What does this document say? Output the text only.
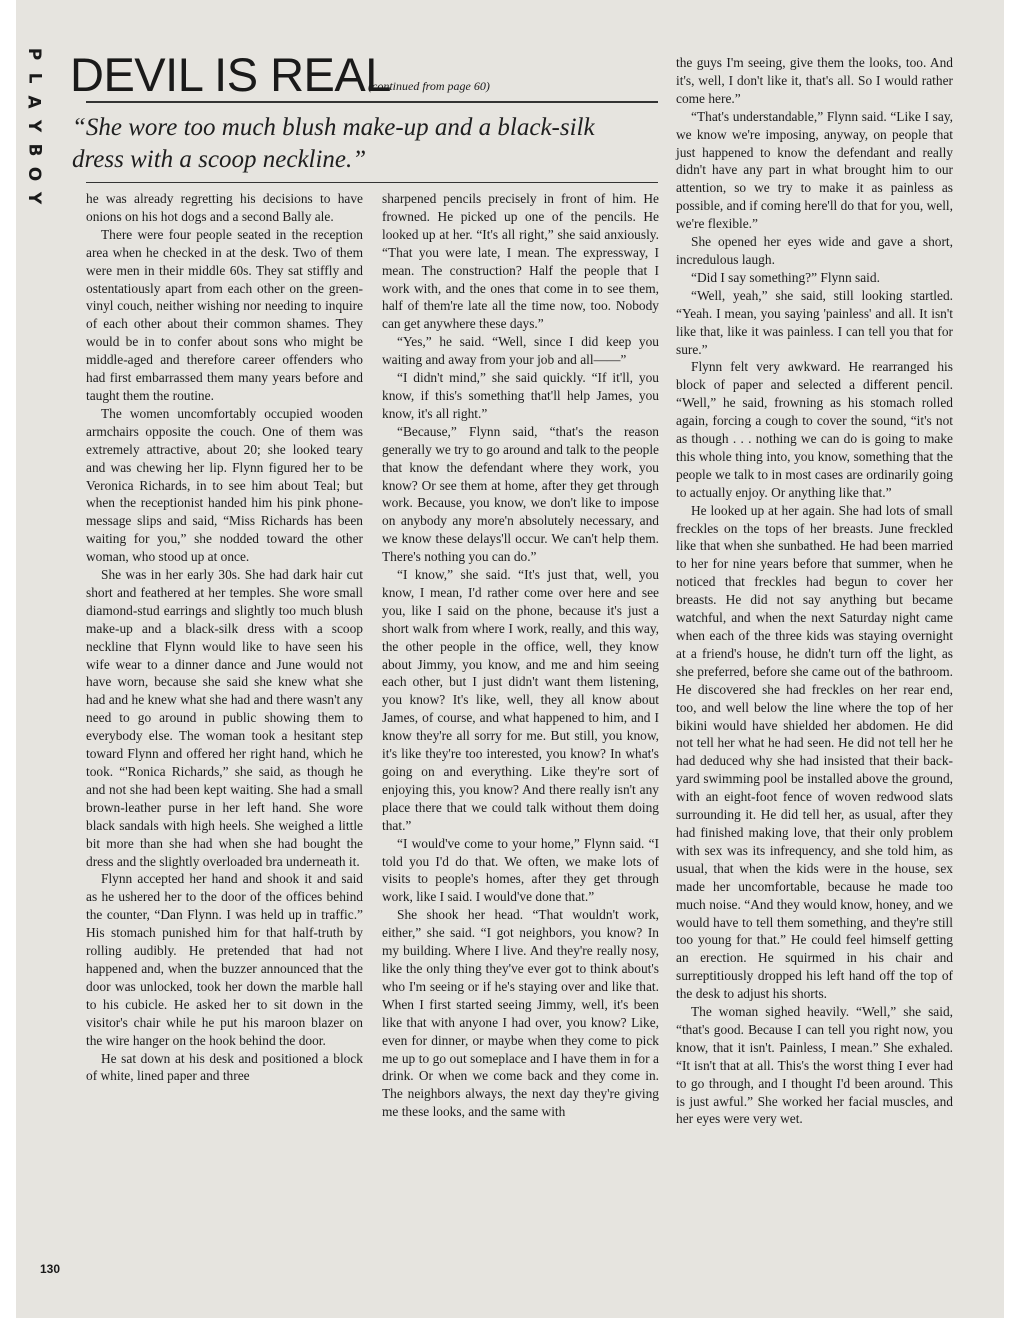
P
L
A
Y
B
O
Y
DEVIL IS REAL
(continued from page 60)

“She wore too much blush make-up and a black-silk dress with a scoop neckline.”

he was already regretting his decisions to have onions on his hot dogs and a second Bally ale.

There were four people seated in the reception area when he checked in at the desk. Two of them were men in their middle 60s. They sat stiffly and ostentatiously apart from each other on the green-vinyl couch, neither wishing nor needing to inquire of each other about their common shames. They would be in to confer about sons who might be middle-aged and therefore career offenders who had first embarrassed them many years before and taught them the routine.

The women uncomfortably occupied wooden armchairs opposite the couch. One of them was extremely attractive, about 20; she looked teary and was chewing her lip. Flynn figured her to be Veronica Richards, in to see him about Teal; but when the receptionist handed him his pink phone-message slips and said, “Miss Richards has been waiting for you,” she nodded toward the other woman, who stood up at once.

She was in her early 30s. She had dark hair cut short and feathered at her temples. She wore small diamond-stud earrings and slightly too much blush make-up and a black-silk dress with a scoop neckline that Flynn would like to have seen his wife wear to a dinner dance and June would not have worn, because she said she knew what she had and he knew what she had and there wasn't any need to go around in public showing them to everybody else. The woman took a hesitant step toward Flynn and offered her right hand, which he took. “'Ronica Richards,” she said, as though he and not she had been kept waiting. She had a small brown-leather purse in her left hand. She wore black sandals with high heels. She weighed a little bit more than she had when she had bought the dress and the slightly overloaded bra underneath it.

Flynn accepted her hand and shook it and said as he ushered her to the door of the offices behind the counter, “Dan Flynn. I was held up in traffic.” His stomach punished him for that half-truth by rolling audibly. He pretended that had not happened and, when the buzzer announced that the door was unlocked, took her down the marble hall to his cubicle. He asked her to sit down in the visitor's chair while he put his maroon blazer on the wire hanger on the hook behind the door.

He sat down at his desk and positioned a block of white, lined paper and three

sharpened pencils precisely in front of him. He frowned. He picked up one of the pencils. He looked up at her. “It's all right,” she said anxiously. “That you were late, I mean. The expressway, I mean. The construction? Half the people that I work with, and the ones that come in to see them, half of them're late all the time now, too. Nobody can get anywhere these days.”

“Yes,” he said. “Well, since I did keep you waiting and away from your job and all——”

“I didn't mind,” she said quickly. “If it'll, you know, if this's something that'll help James, you know, it's all right.”

“Because,” Flynn said, “that's the reason generally we try to go around and talk to the people that know the defendant where they work, you know? Or see them at home, after they get through work. Because, you know, we don't like to impose on anybody any more'n absolutely necessary, and we know these delays'll occur. We can't help them. There's nothing you can do.”

“I know,” she said. “It's just that, well, you know, I mean, I'd rather come over here and see you, like I said on the phone, because it's just a short walk from where I work, really, and this way, the other people in the office, well, they know about Jimmy, you know, and me and him seeing each other, but I just didn't want them listening, you know? It's like, well, they all know about James, of course, and what happened to him, and I know they're all sorry for me. But still, you know, it's like they're too interested, you know? In what's going on and everything. Like they're sort of enjoying this, you know? And there really isn't any place there that we could talk without them doing that.”

“I would've come to your home,” Flynn said. “I told you I'd do that. We often, we make lots of visits to people's homes, after they get through work, like I said. I would've done that.”

She shook her head. “That wouldn't work, either,” she said. “I got neighbors, you know? In my building. Where I live. And they're really nosy, like the only thing they've ever got to think about's who I'm seeing or if he's staying over and like that. When I first started seeing Jimmy, well, it's been like that with anyone I had over, you know? Like, even for dinner, or maybe when they come to pick me up to go out someplace and I have them in for a drink. Or when we come back and they come in. The neighbors always, the next day they're giving me these looks, and the same with

the guys I'm seeing, give them the looks, too. And it's, well, I don't like it, that's all. So I would rather come here.”

“That's understandable,” Flynn said. “Like I say, we know we're imposing, anyway, on people that just happened to know the defendant and really didn't have any part in what brought him to our attention, so we try to make it as painless as possible, and if coming here'll do that for you, well, we're flexible.”

She opened her eyes wide and gave a short, incredulous laugh.

“Did I say something?” Flynn said.

“Well, yeah,” she said, still looking startled. “Yeah. I mean, you saying 'painless' and all. It isn't like that, like it was painless. I can tell you that for sure.”

Flynn felt very awkward. He rearranged his block of paper and selected a different pencil. “Well,” he said, frowning as his stomach rolled again, forcing a cough to cover the sound, “it's not as though . . . nothing we can do is going to make this whole thing into, you know, something that the people we talk to in most cases are ordinarily going to actually enjoy. Or anything like that.”

He looked up at her again. She had lots of small freckles on the tops of her breasts. June freckled like that when she sunbathed. He had been married to her for nine years before that summer, when he noticed that freckles had begun to cover her breasts. He did not say anything but became watchful, and when the next Saturday night came when each of the three kids was staying overnight at a friend's house, he didn't turn off the light, as she preferred, before she came out of the bathroom. He discovered she had freckles on her rear end, too, and well below the line where the top of her bikini would have shielded her abdomen. He did not tell her what he had seen. He did not tell her he had deduced why she had insisted that their back-yard swimming pool be installed above the ground, with an eight-foot fence of woven redwood slats surrounding it. He did tell her, as usual, after they had finished making love, that their only problem with sex was its infrequency, and she told him, as usual, that when the kids were in the house, sex made her uncomfortable, because he made too much noise. “And they would know, honey, and we would have to tell them something, and they're still too young for that.” He could feel himself getting an erection. He squirmed in his chair and surreptitiously dropped his left hand off the top of the desk to adjust his shorts.

The woman sighed heavily. “Well,” she said, “that's good. Because I can tell you right now, you know, that it isn't. Painless, I mean.” She exhaled. “It isn't that at all. This's the worst thing I ever had to go through, and I thought I'd been around. This is just awful.” She worked her facial muscles, and her eyes were very wet.

130
